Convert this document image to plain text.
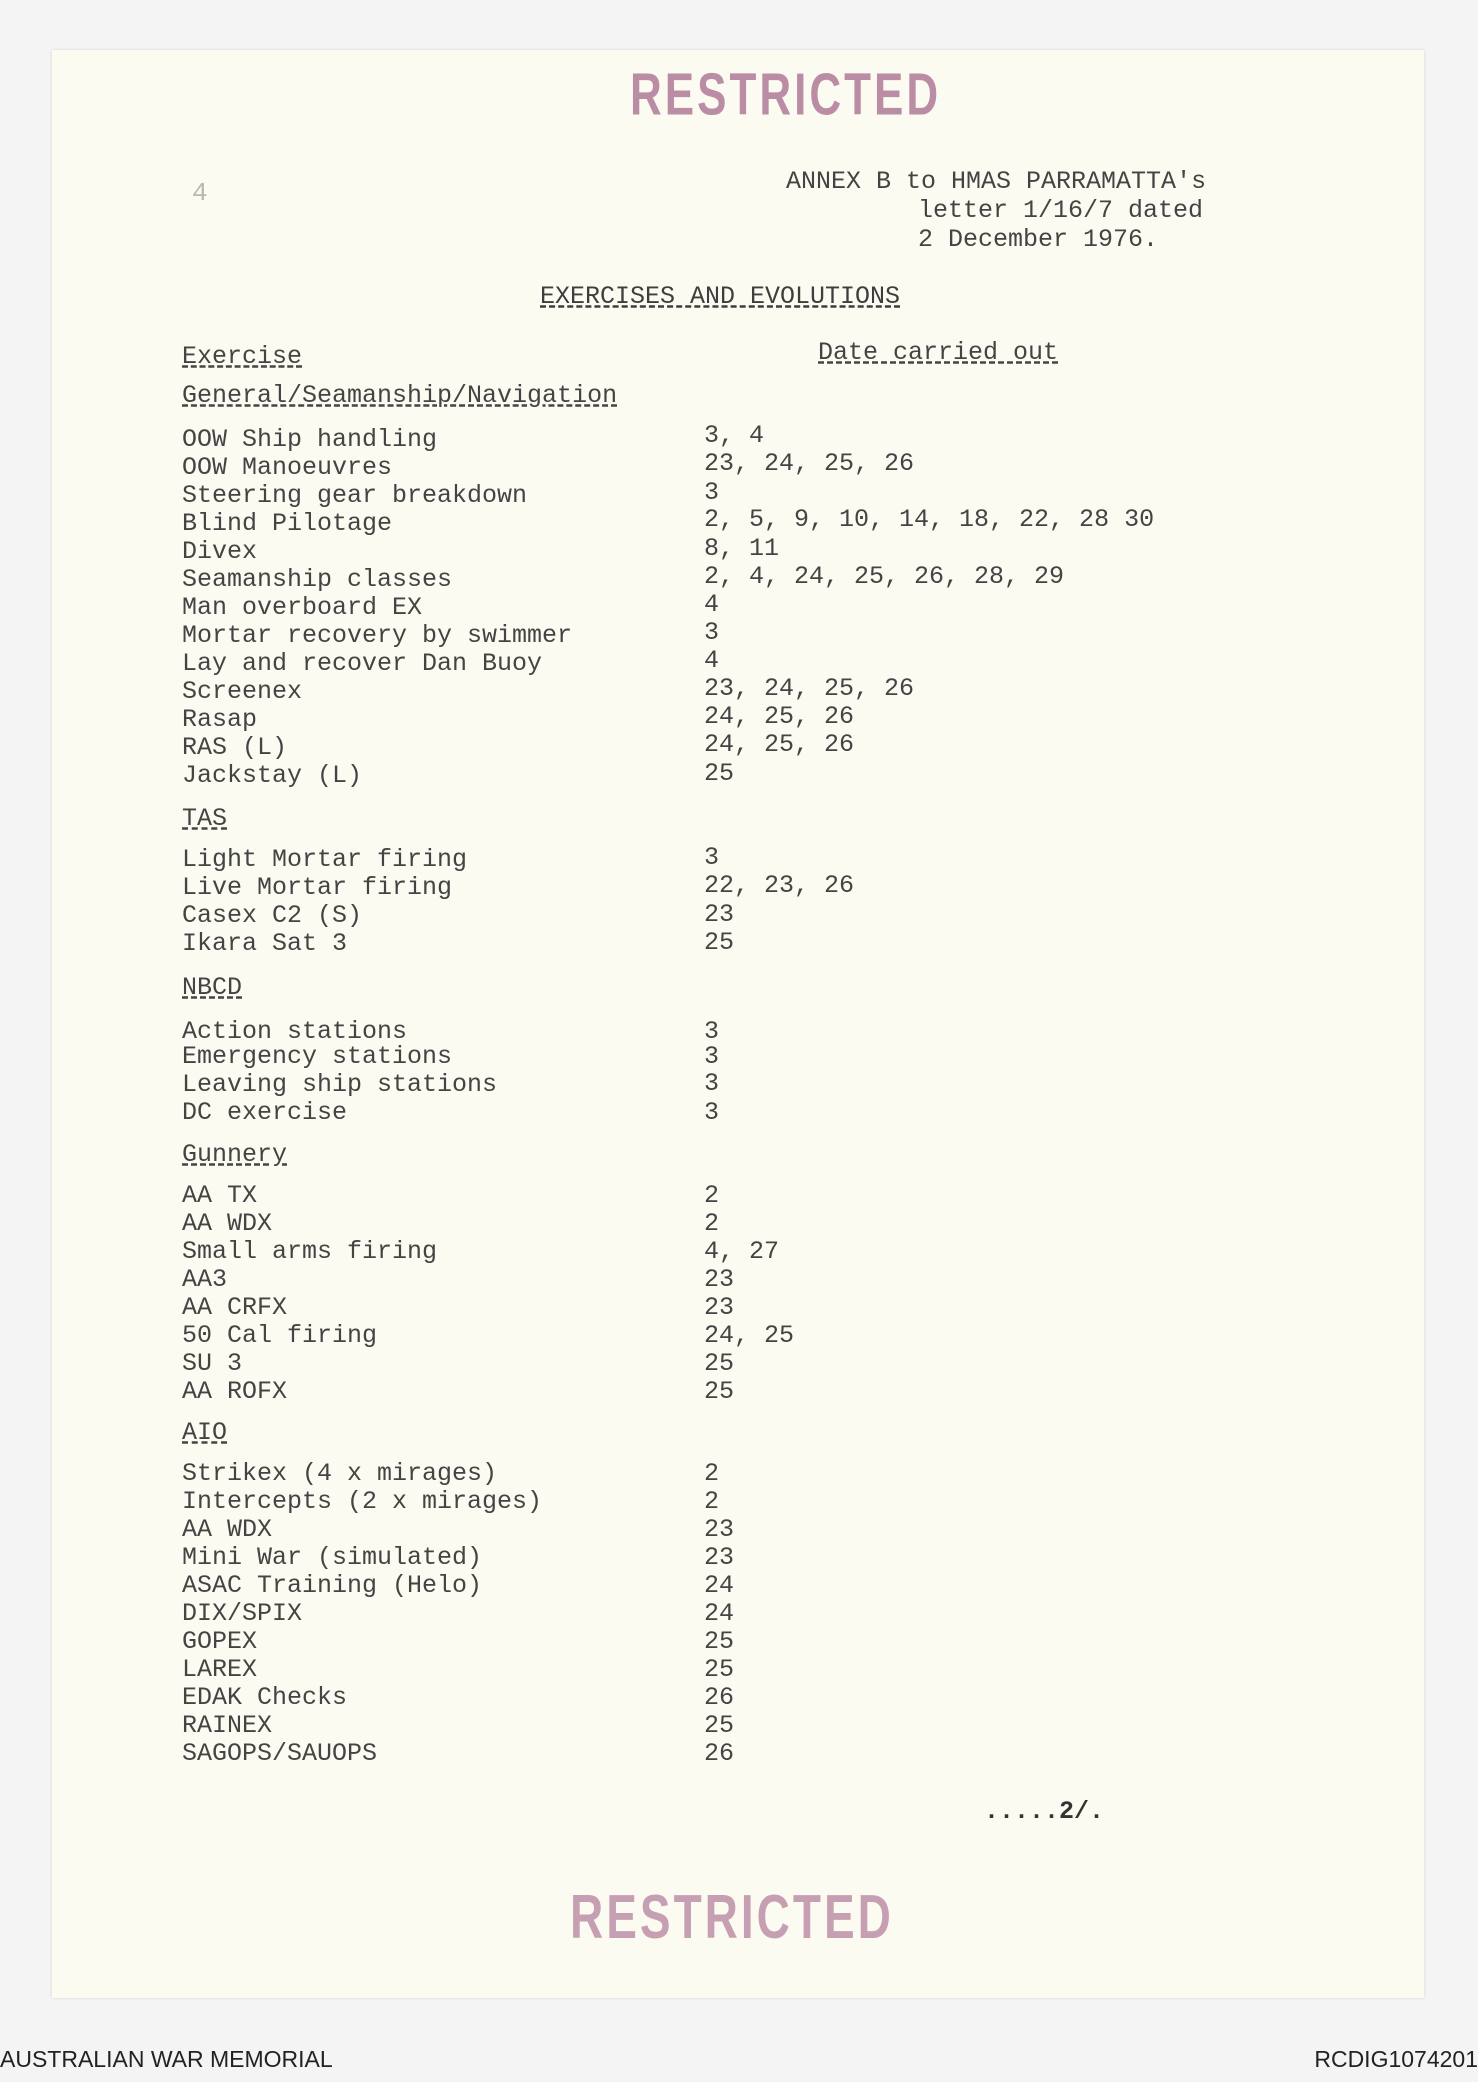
RESTRICTED
4	ANNEX B to HMAS PARRAMATTA's
letter 1/16/7 dated
2 December 1976.
EXERCISES AND EVOLUTIONS
Exercise	Date carried out
General/Seamanship/Navigation
OOW Ship handling	3, 4
OOW Manoeuvres	23, 24, 25, 26
Steering gear breakdown	3
Blind Pilotage	2, 5, 9, 10, 14, 18, 22, 28 30
Divex	8, 11
Seamanship classes	2, 4, 24, 25, 26, 28, 29
Man overboard EX	4
Mortar recovery by swimmer	3
Lay and recover Dan Buoy	4
Screenex	23, 24, 25, 26
Rasap	24, 25, 26
RAS (L)	24, 25, 26
Jackstay (L)	25
TAS
Light Mortar firing	3
Live Mortar firing	22, 23, 26
Casex C2 (S)	23
Ikara Sat 3	25
NBCD
Action stations	3
Emergency stations	3
Leaving ship stations	3
DC exercise	3
Gunnery
AA TX	2
AA WDX	2
Small arms firing	4, 27
AA3	23
AA CRFX	23
50 Cal firing	24, 25
SU 3	25
AA ROFX	25
AIO
Strikex (4 x mirages)	2
Intercepts (2 x mirages)	2
AA WDX	23
Mini War (simulated)	23
ASAC Training (Helo)	24
DIX/SPIX	24
GOPEX	25
LAREX	25
EDAK Checks	26
RAINEX	25
SAGOPS/SAUOPS	26
.....2/.
RESTRICTED
AUSTRALIAN WAR MEMORIAL	RCDIG1074201
